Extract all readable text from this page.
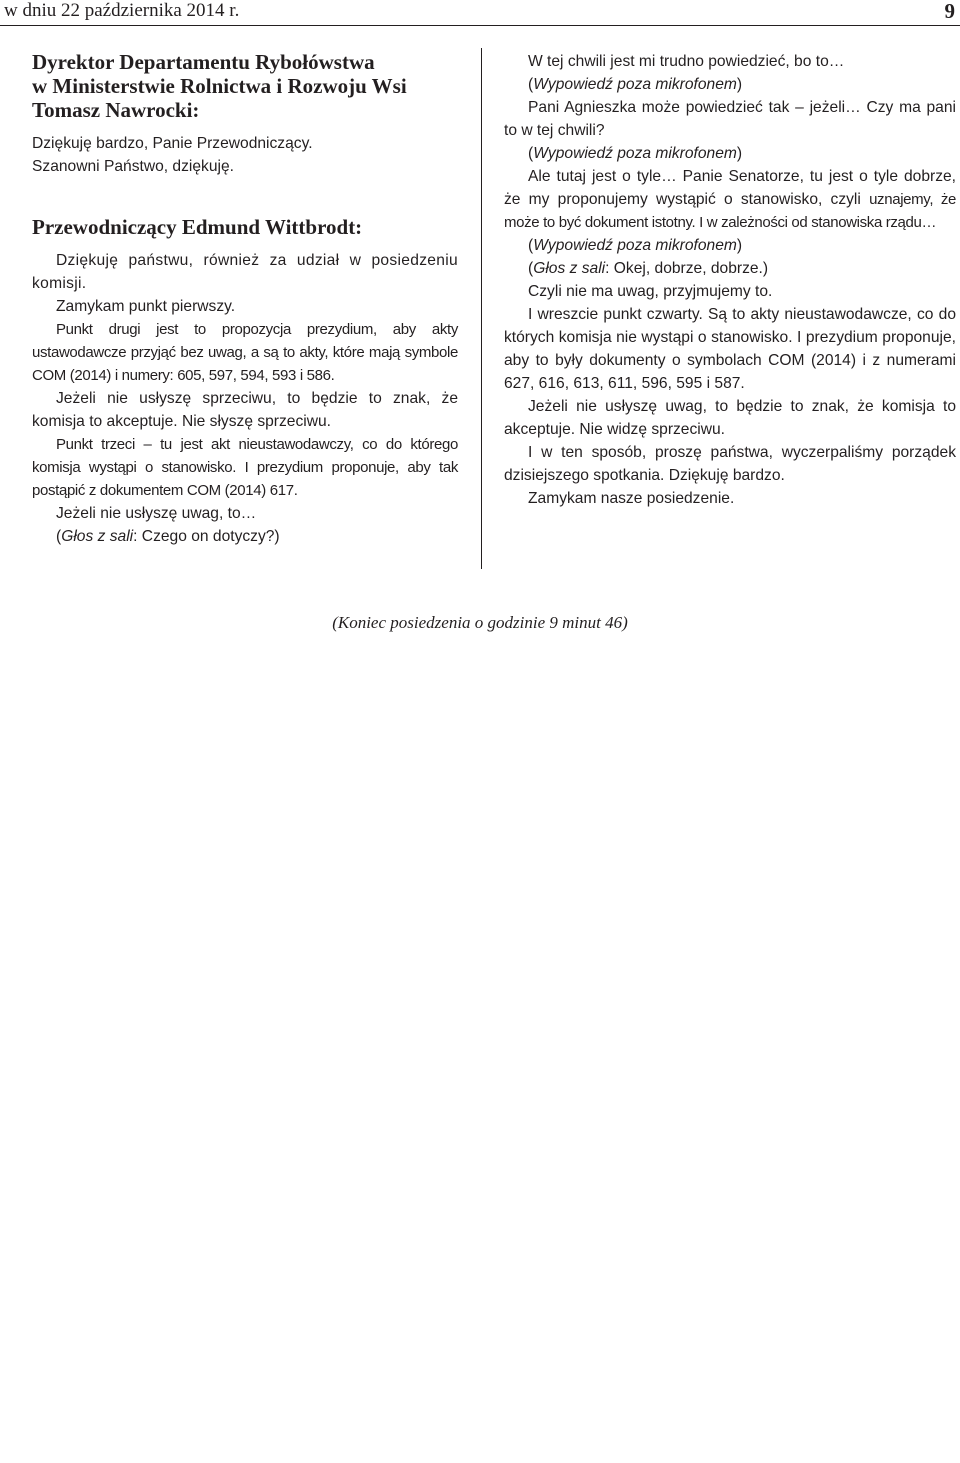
w dniu 22 października 2014 r.	9
Dyrektor Departamentu Rybołówstwa
w Ministerstwie Rolnictwa i Rozwoju Wsi
Tomasz Nawrocki:

Dziękuję bardzo, Panie Przewodniczący.

Szanowni Państwo, dziękuję.

Przewodniczący Edmund Wittbrodt:

Dziękuję państwu, również za udział w posiedzeniu komisji.

Zamykam punkt pierwszy.

Punkt drugi jest to propozycja prezydium, aby akty ustawodawcze przyjąć bez uwag, a są to akty, które mają symbole COM (2014) i numery: 605, 597, 594, 593 i 586.

Jeżeli nie usłyszę sprzeciwu, to będzie to znak, że komisja to akceptuje. Nie słyszę sprzeciwu.

Punkt trzeci – tu jest akt nieustawodawczy, co do którego komisja wystąpi o stanowisko. I prezydium proponuje, aby tak postąpić z dokumentem COM (2014) 617.

Jeżeli nie usłyszę uwag, to…

(Głos z sali: Czego on dotyczy?)

W tej chwili jest mi trudno powiedzieć, bo to…

(Wypowiedź poza mikrofonem)

Pani Agnieszka może powiedzieć tak – jeżeli… Czy ma pani to w tej chwili?

(Wypowiedź poza mikrofonem)

Ale tutaj jest o tyle… Panie Senatorze, tu jest o tyle dobrze, że my proponujemy wystąpić o stanowisko, czyli uznajemy, że może to być dokument istotny. I w zależności od stanowiska rządu…

(Wypowiedź poza mikrofonem)

(Głos z sali: Okej, dobrze, dobrze.)

Czyli nie ma uwag, przyjmujemy to.

I wreszcie punkt czwarty. Są to akty nieustawodawcze, co do których komisja nie wystąpi o stanowisko. I prezydium proponuje, aby to były dokumenty o symbolach COM (2014) i z numerami 627, 616, 613, 611, 596, 595 i 587.

Jeżeli nie usłyszę uwag, to będzie to znak, że komisja to akceptuje. Nie widzę sprzeciwu.

I w ten sposób, proszę państwa, wyczerpaliśmy porządek dzisiejszego spotkania. Dziękuję bardzo.

Zamykam nasze posiedzenie.

(Koniec posiedzenia o godzinie 9 minut 46)
